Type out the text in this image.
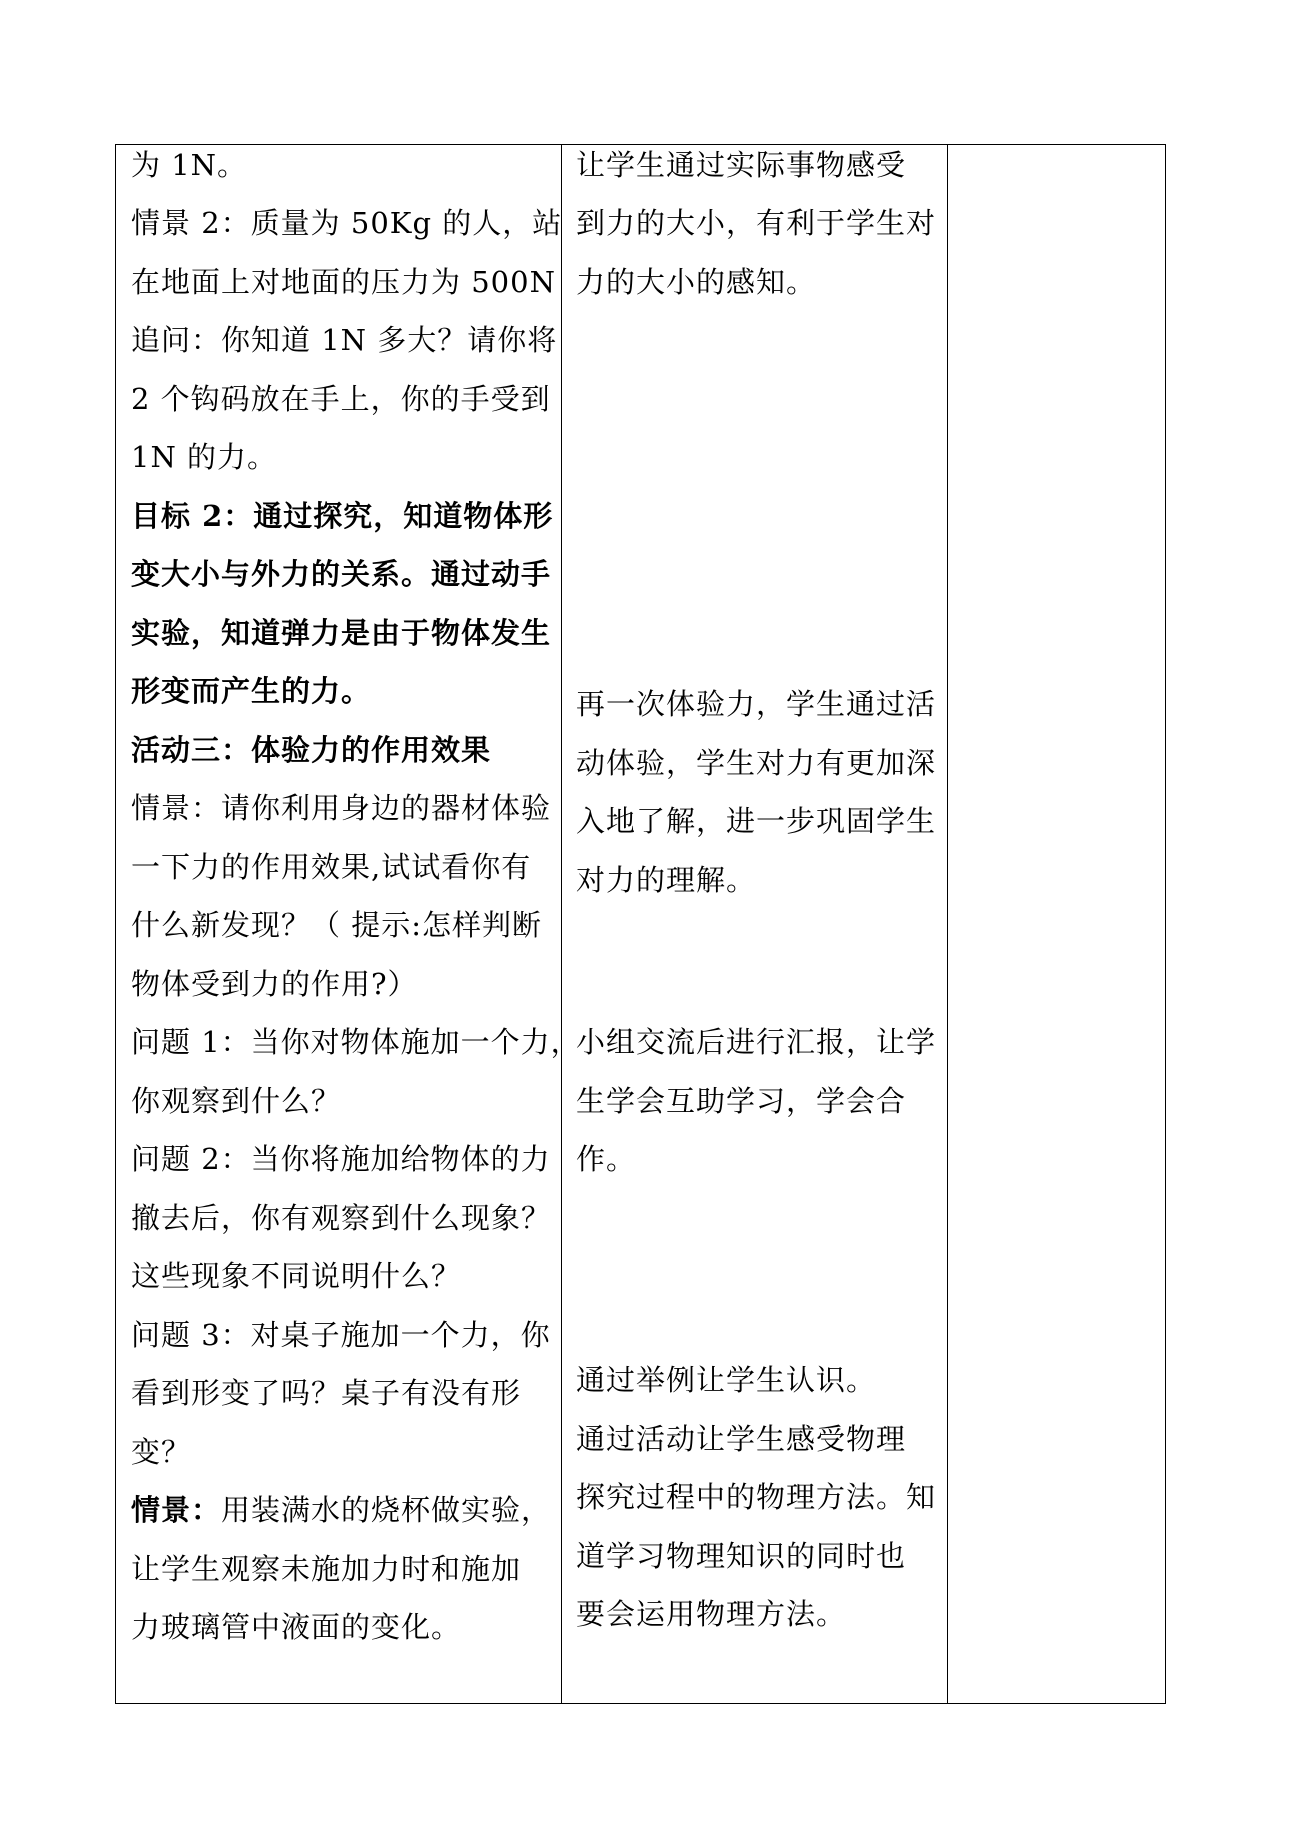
为 1N。
情景 2：质量为 50Kg 的人，站
在地面上对地面的压力为 500N
追问：你知道 1N 多大？请你将
2 个钩码放在手上，你的手受到
1N 的力。
目标 2：通过探究，知道物体形
变大小与外力的关系。通过动手
实验，知道弹力是由于物体发生
形变而产生的力。
活动三：体验力的作用效果
情景：请你利用身边的器材体验
一下力的作用效果,试试看你有
什么新发现？（ 提示:怎样判断
物体受到力的作用?）
问题 1：当你对物体施加一个力，
你观察到什么？
问题 2：当你将施加给物体的力
撤去后，你有观察到什么现象？
这些现象不同说明什么？
问题 3：对桌子施加一个力，你
看到形变了吗？桌子有没有形
变？
情景：用装满水的烧杯做实验，
让学生观察未施加力时和施加
力玻璃管中液面的变化。

让学生通过实际事物感受
到力的大小，有利于学生对
力的大小的感知。
再一次体验力，学生通过活
动体验，学生对力有更加深
入地了解，进一步巩固学生
对力的理解。
小组交流后进行汇报，让学
生学会互助学习，学会合
作。
通过举例让学生认识。
通过活动让学生感受物理
探究过程中的物理方法。知
道学习物理知识的同时也
要会运用物理方法。
